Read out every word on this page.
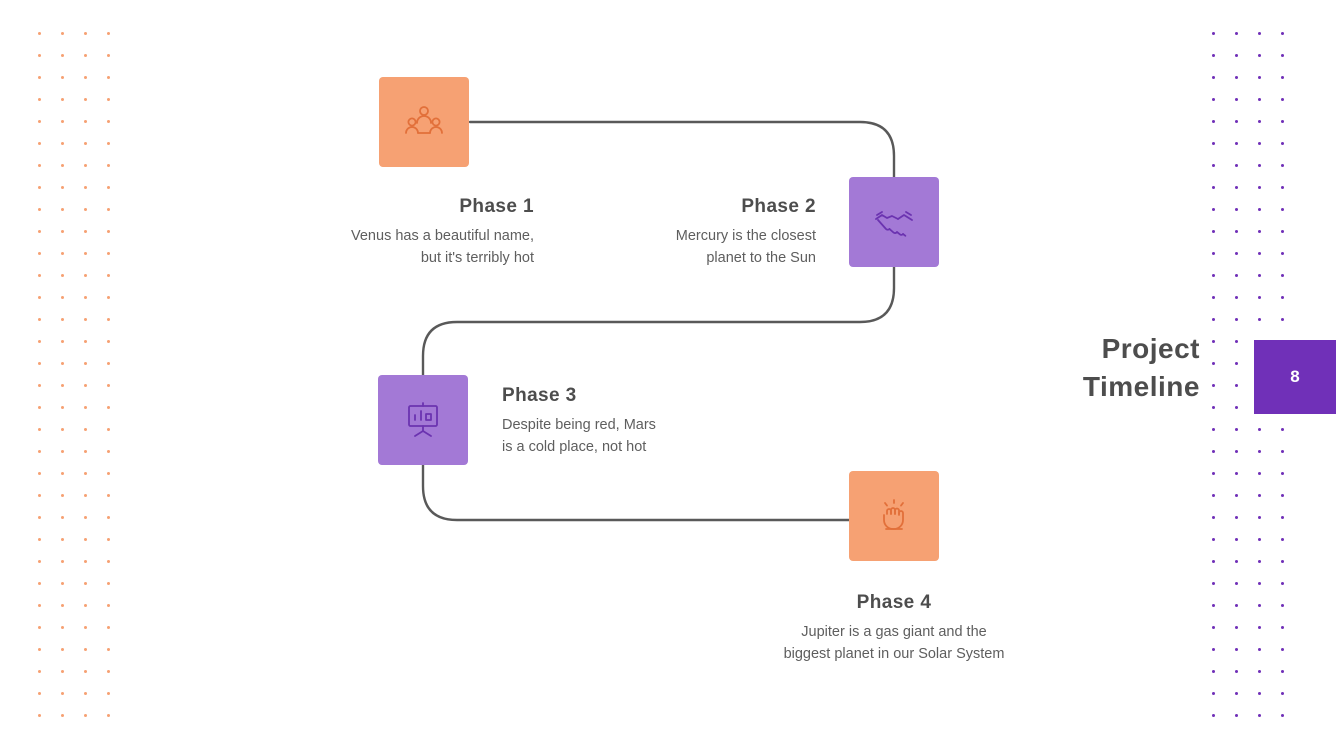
Phase 1
Venus has a beautiful name,
but it's terribly hot
Phase 2
Mercury is the closest
planet to the Sun
Phase 3
Despite being red, Mars
is a cold place, not hot
Phase 4
Jupiter is a gas giant and the
biggest planet in our Solar System
Project
Timeline	8
